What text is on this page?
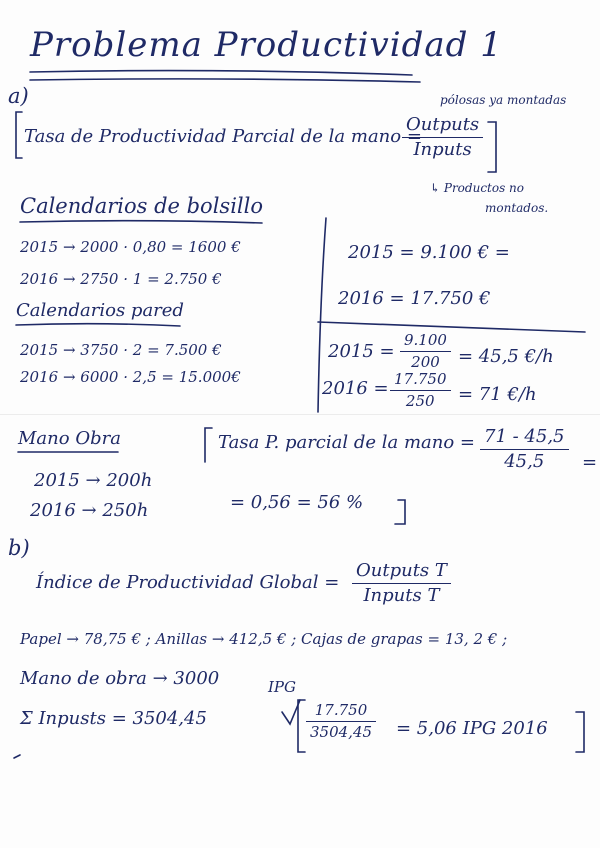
Problema Productividad 1
a)	pólosas ya montadas
Tasa de Productividad Parcial de la mano =
Outputs
Inputs
↳ Productos no
montados.
Calendarios de bolsillo
2015 → 2000 · 0,80 = 1600 €
2016 → 2750 · 1 = 2.750 €
Calendarios pared
2015 → 3750 · 2 = 7.500 €
2016 → 6000 · 2,5 = 15.000€
2015 = 9.100 € =
2016 = 17.750 €
$2015 = \frac{9.100}{200} = 45,5$ €/h
$2016 = \frac{17.750}{250} = 71$ €/h
Mano Obra
2015 → 200h
2016 → 250h
Tasa P. parcial de la mano = $\frac{71 - 45,5}{45,5}$ =
= 0,56 = 56 %
b)
Índice de Productividad Global =
Outputs T
Inputs T
Papel → 78,75 € ; Anillas → 412,5 € ; Cajas de grapas = 13, 2 € ;
Mano de obra → 3000
Σ Inpusts = 3504,45
IPG
$\frac{17.750}{3504,45} = 5,06$ IPG 2016
